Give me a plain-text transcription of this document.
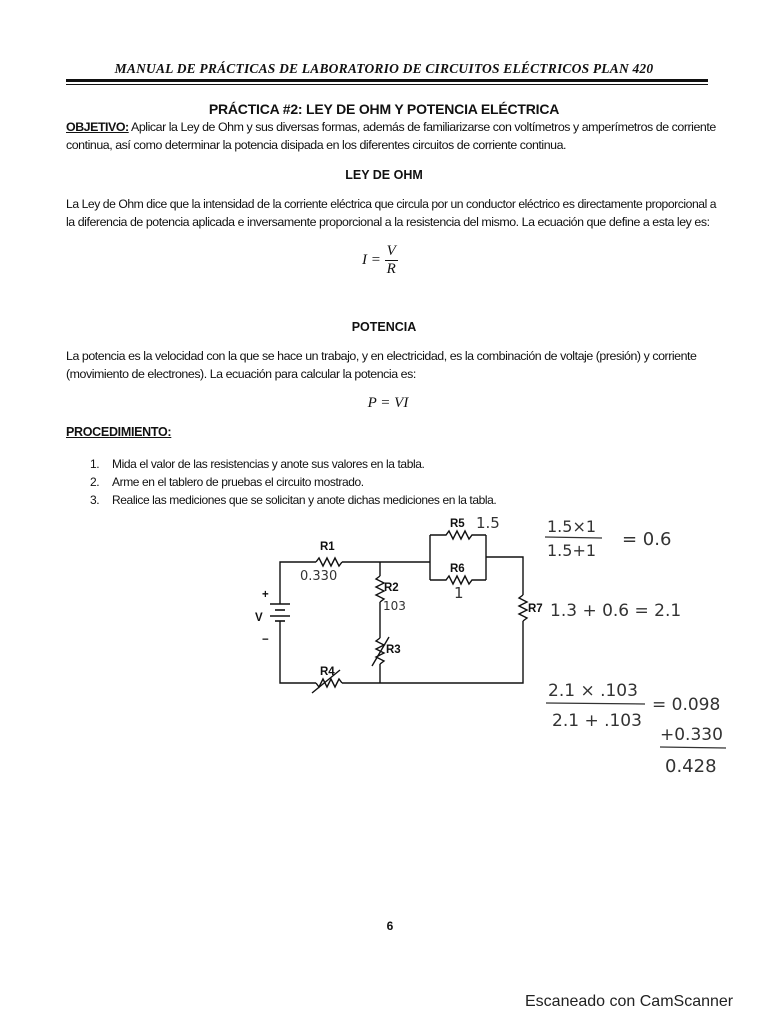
MANUAL DE PRÁCTICAS DE LABORATORIO DE CIRCUITOS ELÉCTRICOS PLAN 420
PRÁCTICA #2: LEY DE OHM Y POTENCIA ELÉCTRICA
OBJETIVO: Aplicar la Ley de Ohm y sus diversas formas, además de familiarizarse con voltímetros y amperímetros de corriente
continua, así como determinar la potencia disipada en los diferentes circuitos de corriente continua.
LEY DE OHM
La Ley de Ohm dice que la intensidad de la corriente eléctrica que circula por un conductor eléctrico es directamente proporcional a
la diferencia de potencia aplicada e inversamente proporcional a la resistencia del mismo. La ecuación que define a esta ley es:
$I = \frac{V}{R}$
POTENCIA
La potencia es la velocidad con la que se hace un trabajo, y en electricidad, es la combinación de voltaje (presión) y corriente
(movimiento de electrones). La ecuación para calcular la potencia es:
P = VI
PROCEDIMIENTO:
1. Mida el valor de las resistencias y anote sus valores en la tabla.
2. Arme en el tablero de pruebas el circuito mostrado.
3. Realice las mediciones que se solicitan y anote dichas mediciones en la tabla.
R1
R2
R3
R4
R5
R6
R7
V
+
−
0.330
103
1.5
1
1.5×1
1.5+1
= 0.6
1.3 + 0.6 = 2.1
2.1 × .103
2.1 + .103
= 0.098
+0.330
0.428
6
Escaneado con CamScanner
